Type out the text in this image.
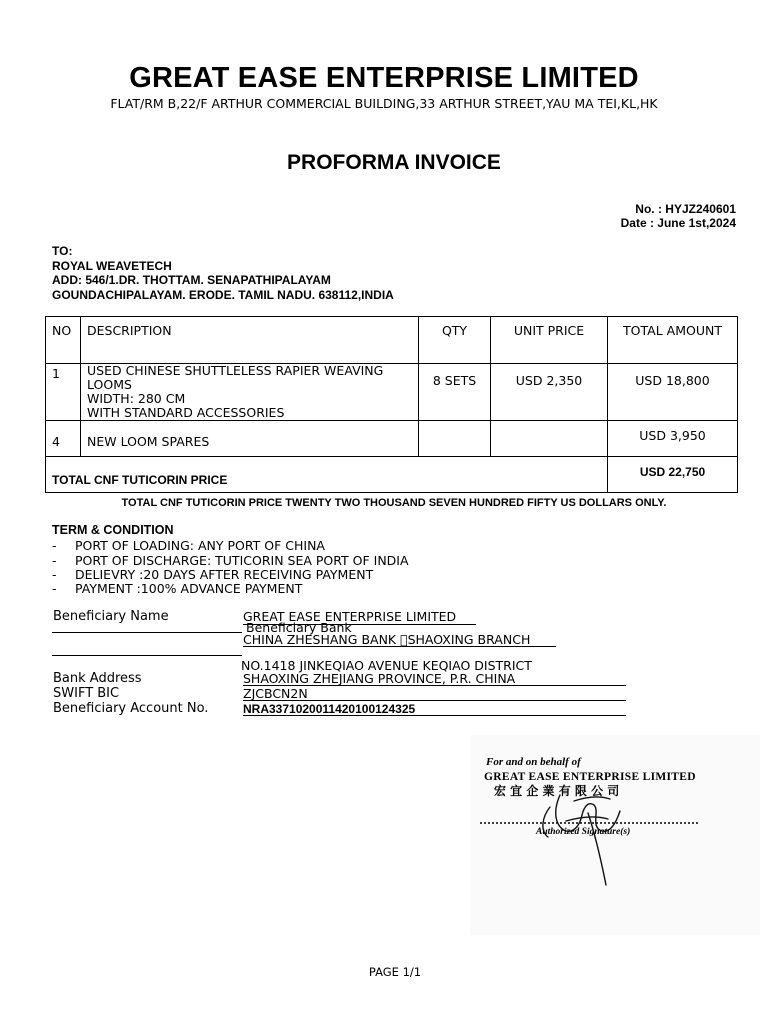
GREAT EASE ENTERPRISE LIMITED
FLAT/RM B,22/F ARTHUR COMMERCIAL BUILDING,33 ARTHUR STREET,YAU MA TEI,KL,HK
PROFORMA INVOICE
No. : HYJZ240601
Date : June 1st,2024
TO:
ROYAL WEAVETECH
ADD: 546/1.DR. THOTTAM. SENAPATHIPALAYAM
GOUNDACHIPALAYAM. ERODE. TAMIL NADU. 638112,INDIA
NO	DESCRIPTION	QTY	UNIT PRICE	TOTAL AMOUNT
1	USED CHINESE SHUTTLELESS RAPIER WEAVING
LOOMS
WIDTH: 280 CM
WITH STANDARD ACCESSORIES	8 SETS	USD 2,350	USD 18,800
4	NEW LOOM SPARES			USD 3,950
TOTAL CNF TUTICORIN PRICE				USD 22,750
TOTAL CNF TUTICORIN PRICE TWENTY TWO THOUSAND SEVEN HUNDRED FIFTY US DOLLARS ONLY.
TERM & CONDITION
- PORT OF LOADING: ANY PORT OF CHINA
- PORT OF DISCHARGE: TUTICORIN SEA PORT OF INDIA
- DELIEVRY :20 DAYS AFTER RECEIVING PAYMENT
- PAYMENT :100% ADVANCE PAYMENT
Beneficiary Name	GREAT EASE ENTERPRISE LIMITED
Beneficiary Bank
CHINA ZHESHANG BANK  SHAOXING BRANCH
NO.1418 JINKEQIAO AVENUE KEQIAO DISTRICT
Bank Address	SHAOXING ZHEJIANG PROVINCE, P.R. CHINA
SWIFT BIC	ZJCBCN2N
Beneficiary Account No.	NRA3371020011420100124325
For and on behalf of
GREAT EASE ENTERPRISE LIMITED
宏 宜 企 業 有 限 公 司
Authorized Signature(s)
PAGE 1/1
